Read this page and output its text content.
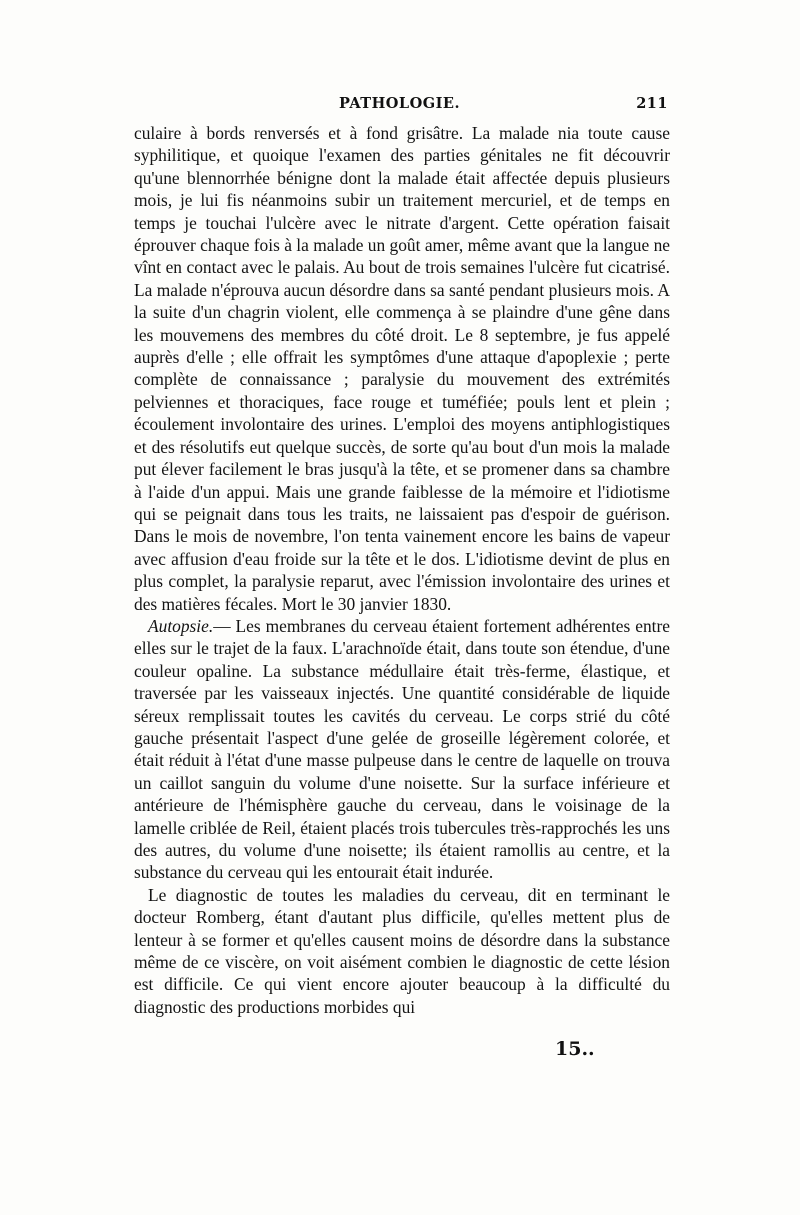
PATHOLOGIE.	211

culaire à bords renversés et à fond grisâtre. La malade nia toute cause syphilitique, et quoique l'examen des parties génitales ne fit découvrir qu'une blennorrhée bénigne dont la malade était affectée depuis plusieurs mois, je lui fis néanmoins subir un traitement mercuriel, et de temps en temps je touchai l'ulcère avec le nitrate d'argent. Cette opération faisait éprouver chaque fois à la malade un goût amer, même avant que la langue ne vînt en contact avec le palais. Au bout de trois semaines l'ulcère fut cicatrisé. La malade n'éprouva aucun désordre dans sa santé pendant plusieurs mois. A la suite d'un chagrin violent, elle commença à se plaindre d'une gêne dans les mouvemens des membres du côté droit. Le 8 septembre, je fus appelé auprès d'elle ; elle offrait les symptômes d'une attaque d'apoplexie ; perte complète de connaissance ; paralysie du mouvement des extrémités pelviennes et thoraciques, face rouge et tuméfiée; pouls lent et plein ; écoulement involontaire des urines. L'emploi des moyens antiphlogistiques et des résolutifs eut quelque succès, de sorte qu'au bout d'un mois la malade put élever facilement le bras jusqu'à la tête, et se promener dans sa chambre à l'aide d'un appui. Mais une grande faiblesse de la mémoire et l'idiotisme qui se peignait dans tous les traits, ne laissaient pas d'espoir de guérison. Dans le mois de novembre, l'on tenta vainement encore les bains de vapeur avec affusion d'eau froide sur la tête et le dos. L'idiotisme devint de plus en plus complet, la paralysie reparut, avec l'émission involontaire des urines et des matières fécales. Mort le 30 janvier 1830.

Autopsie.— Les membranes du cerveau étaient fortement adhérentes entre elles sur le trajet de la faux. L'arachnoïde était, dans toute son étendue, d'une couleur opaline. La substance médullaire était très-ferme, élastique, et traversée par les vaisseaux injectés. Une quantité considérable de liquide séreux remplissait toutes les cavités du cerveau. Le corps strié du côté gauche présentait l'aspect d'une gelée de groseille légèrement colorée, et était réduit à l'état d'une masse pulpeuse dans le centre de laquelle on trouva un caillot sanguin du volume d'une noisette. Sur la surface inférieure et antérieure de l'hémisphère gauche du cerveau, dans le voisinage de la lamelle criblée de Reil, étaient placés trois tubercules très-rapprochés les uns des autres, du volume d'une noisette; ils étaient ramollis au centre, et la substance du cerveau qui les entourait était indurée.

Le diagnostic de toutes les maladies du cerveau, dit en terminant le docteur Romberg, étant d'autant plus difficile, qu'elles mettent plus de lenteur à se former et qu'elles causent moins de désordre dans la substance même de ce viscère, on voit aisément combien le diagnostic de cette lésion est difficile. Ce qui vient encore ajouter beaucoup à la difficulté du diagnostic des productions morbides qui

15..
